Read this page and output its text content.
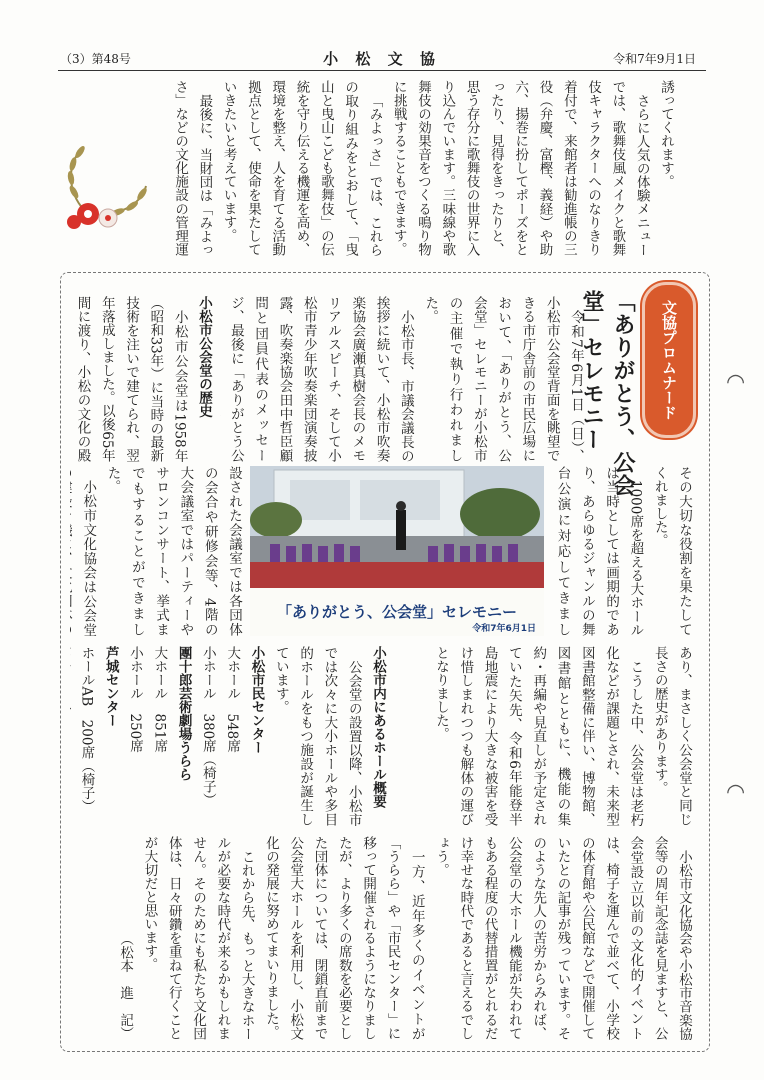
（3）第48号	小 松 文 協	令和7年9月1日

誘ってくれます。

さらに人気の体験メニューでは、歌舞伎風メイクと歌舞伎キャラクターへのなりきり着付で、来館者は勧進帳の三役（弁慶、富樫、義経）や助六、揚巻に扮してポーズをとったり、見得をきったりと、思う存分に歌舞伎の世界に入り込んでいます。三味線や歌舞伎の効果音をつくる鳴り物に挑戦することもできます。

「みよっさ」では、これらの取り組みをとおして、「曳山と曳山こども歌舞伎」の伝統を守り伝える機運を高め、環境を整え、人を育てる活動拠点として、使命を果たしていきたいと考えています。

最後に、当財団は「みよっさ」などの文化施設の管理運

◠
◠
文協プロムナード
「ありがとう、公会堂」セレモニー

令和7年6月1日（日）、小松市公会堂背面を眺望できる市庁舎前の市民広場において、「ありがとう、公会堂」セレモニーが小松市の主催で執り行われました。

小松市長、市議会議長の挨拶に続いて、小松市吹奏楽協会廣瀬真樹会長のメモリアルスピーチ、そして小松市青少年吹奏楽団演奏披露、吹奏楽協会田中哲臣顧問と団員代表のメッセージ、最後に「ありがとう公

小松市公会堂の歴史

小松市公会堂は1958年（昭和33年）に当時の最新技術を注いで建てられ、翌年落成しました。以後65年間に渡り、小松の文化の殿

その大切な役割を果たしてくれました。

1000席を超える大ホールは当時としては画期的であり、あらゆるジャンルの舞台公演に対応してきまし

「ありがとう、公会堂」セレモニー
令和7年6月1日

設された会議室では各団体の会合や研修会等、4階の大会議室ではパーティーやサロンコンサート、挙式までもすることができました。

小松市文化協会は公会堂

あり、まさしく公会堂と同じ長さの歴史があります。

こうした中、公会堂は老朽化などが課題とされ、未来型図書館整備に伴い、博物館、図書館とともに、機能の集約・再編や見直しが予定されていた矢先、令和6年能登半島地震により大きな被害を受け惜しまれつつも解体の運びとなりました。

小松市内にあるホール概要

公会堂の設置以降、小松市では次々に大小ホールや多目的ホールをもつ施設が誕生しています。

小松市民センター

大ホール　548席

小ホール　380席（椅子）

團十郎芸術劇場うらら

大ホール　851席

小ホール　250席

芦城センター

ホールAB　200席（椅子）

小松市文化協会や小松市音楽協会等の周年記念誌を見ますと、公会堂設立以前の文化的イベントは、椅子を運んで並べて、小学校の体育館や公民館などで開催していたとの記事が残っています。そのような先人の苦労からみれば、公会堂の大ホール機能が失われてもある程度の代替措置がとれるだけ幸せな時代であると言えるでしょう。

一方、近年多くのイベントが「うらら」や「市民センター」に移って開催されるようになりましたが、より多くの席数を必要とした団体については、閉鎖直前まで公会堂大ホールを利用し、小松文化の発展に努めてまいりました。

これから先、もっと大きなホールが必要な時代が来るかもしれません。そのためにも私たち文化団体は、日々研鑽を重ねて行くことが大切だと思います。

（松本　進　記）
